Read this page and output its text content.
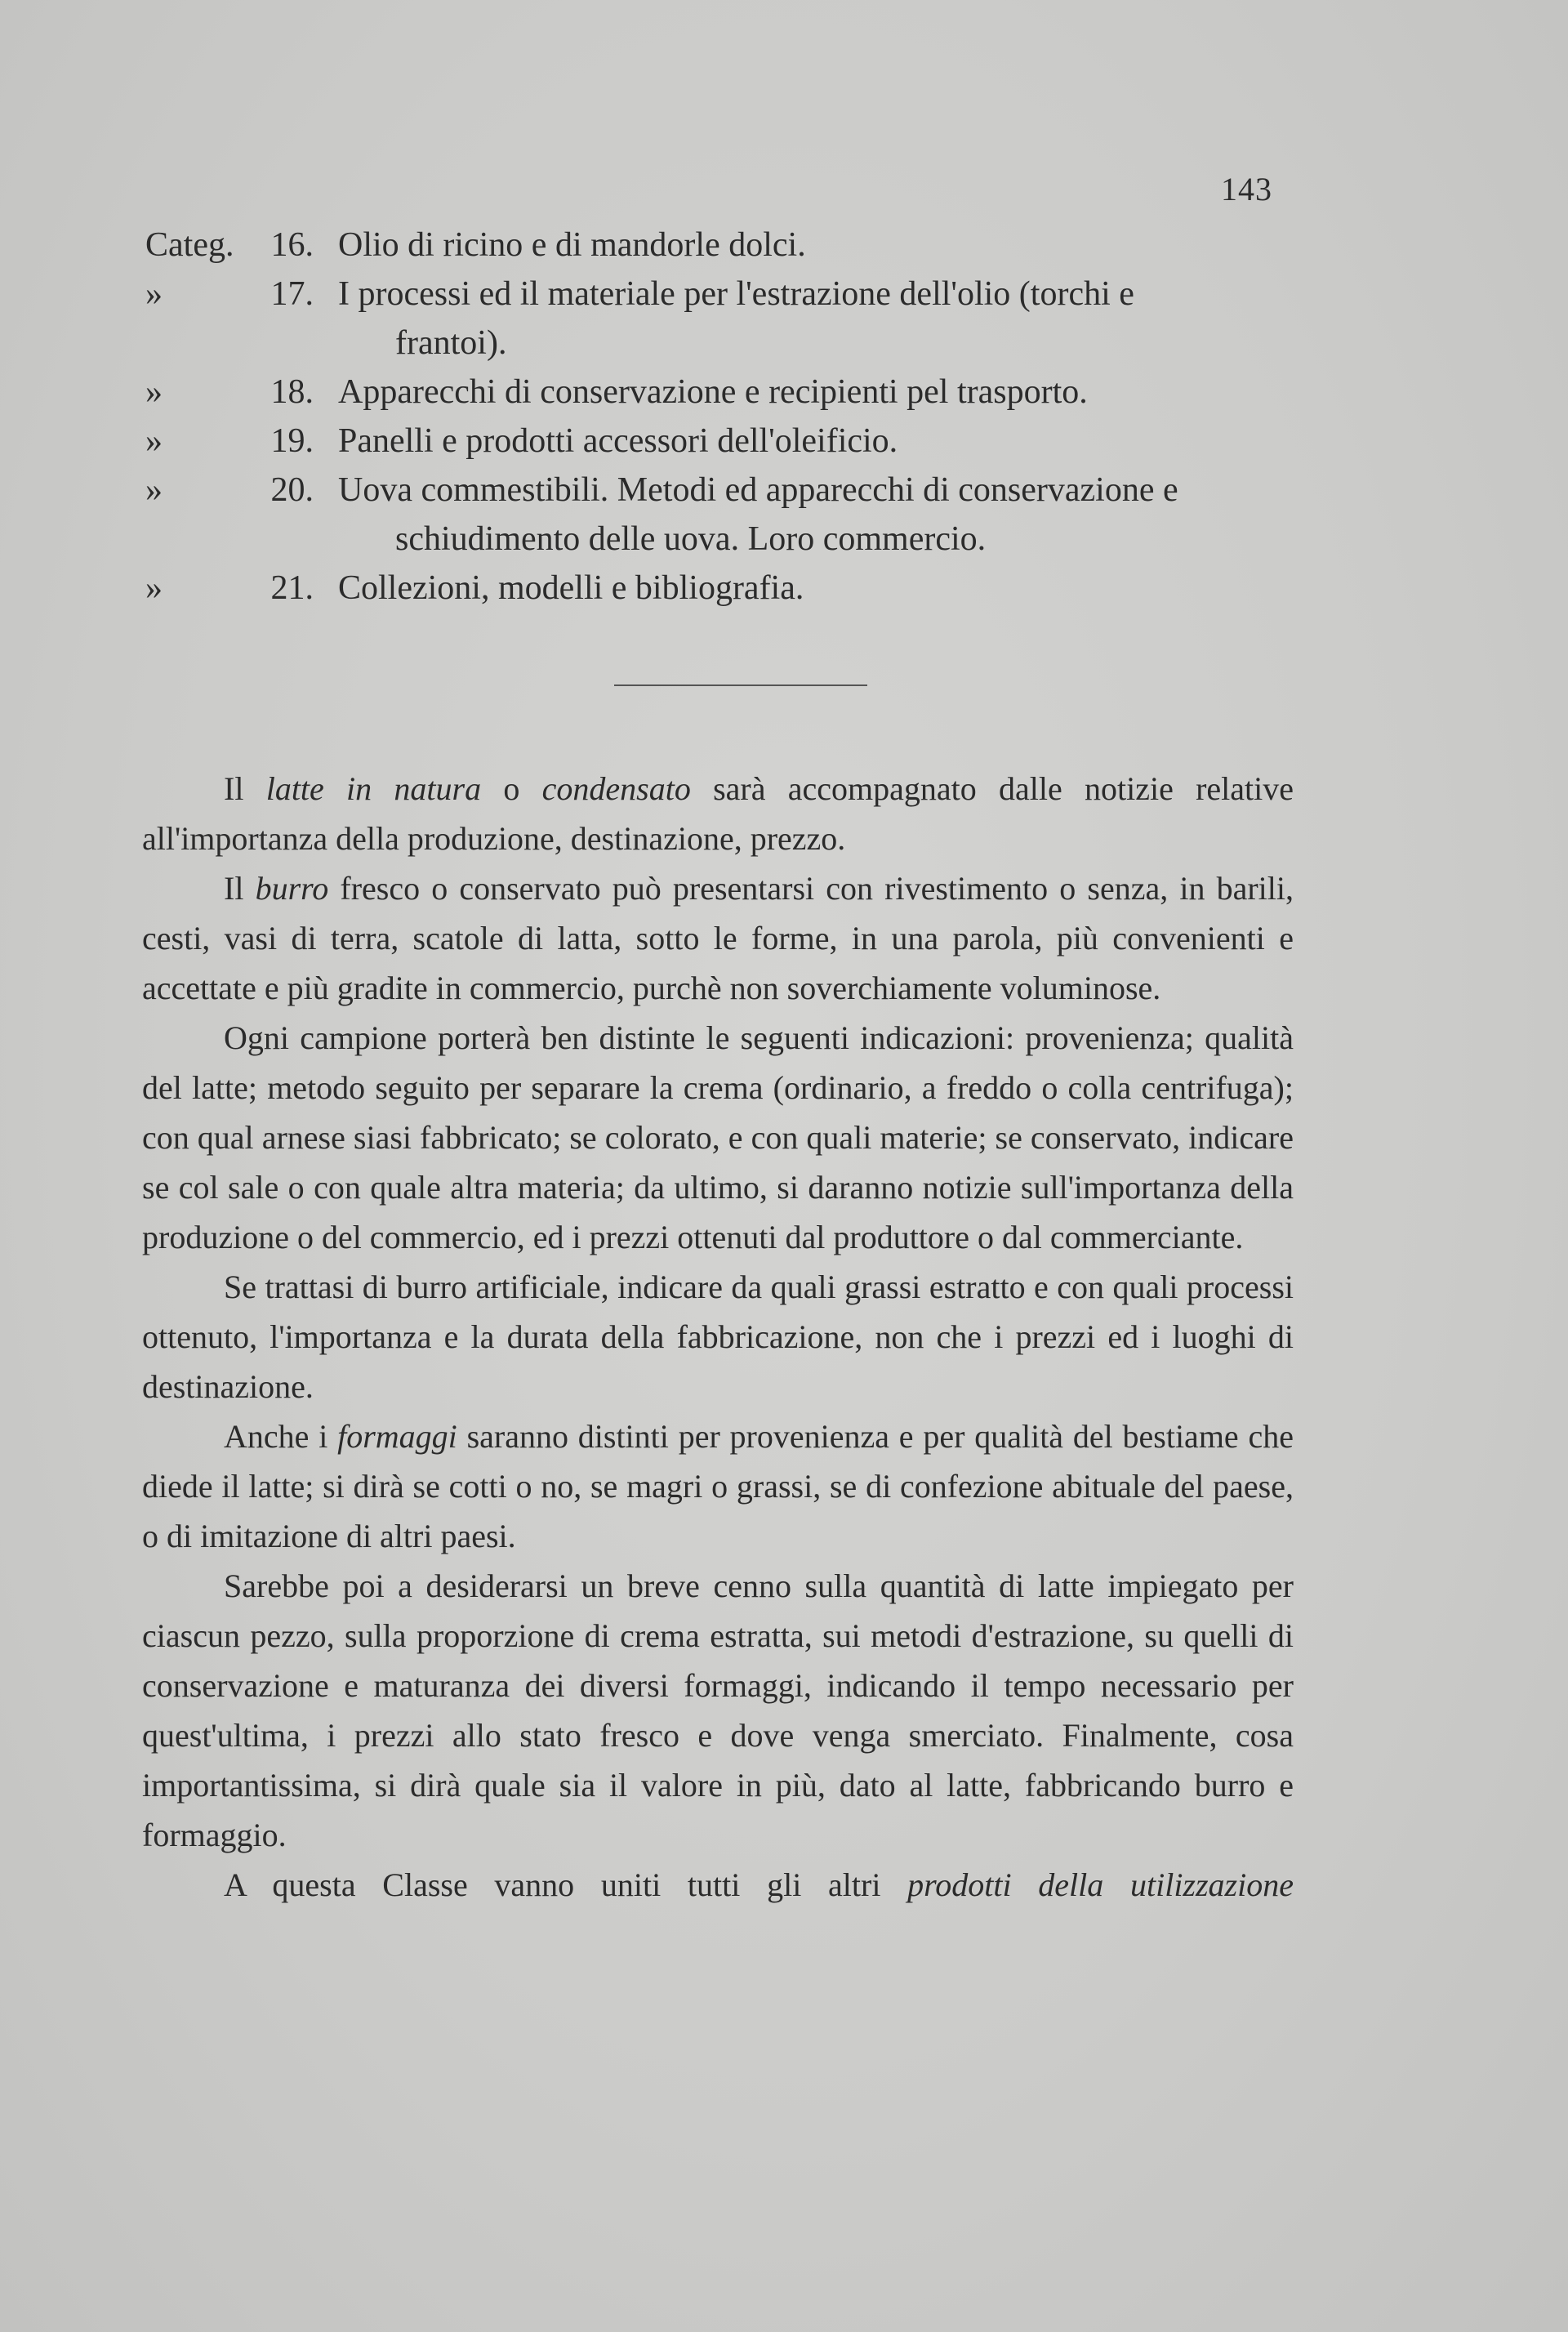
143
Categ.	16. Olio di ricino e di mandorle dolci.
»	17. I processi ed il materiale per l'estrazione dell'olio (torchi e
frantoi).
»	18. Apparecchi di conservazione e recipienti pel trasporto.
»	19. Panelli e prodotti accessori dell'oleificio.
»	20. Uova commestibili. Metodi ed apparecchi di conservazione e
schiudimento delle uova. Loro commercio.
»	21. Collezioni, modelli e bibliografia.

Il latte in natura o condensato sarà accompagnato dalle notizie relative all'importanza della produzione, destinazione, prezzo.

Il burro fresco o conservato può presentarsi con rivestimento o senza, in barili, cesti, vasi di terra, scatole di latta, sotto le forme, in una parola, più convenienti e accettate e più gradite in commercio, purchè non soverchiamente voluminose.

Ogni campione porterà ben distinte le seguenti indicazioni: provenienza; qualità del latte; metodo seguito per separare la crema (ordinario, a freddo o colla centrifuga); con qual arnese siasi fabbricato; se colorato, e con quali materie; se conservato, indicare se col sale o con quale altra materia; da ultimo, si daranno notizie sull'importanza della produzione o del commercio, ed i prezzi ottenuti dal produttore o dal commerciante.

Se trattasi di burro artificiale, indicare da quali grassi estratto e con quali processi ottenuto, l'importanza e la durata della fabbricazione, non che i prezzi ed i luoghi di destinazione.

Anche i formaggi saranno distinti per provenienza e per qualità del bestiame che diede il latte; si dirà se cotti o no, se magri o grassi, se di confezione abituale del paese, o di imitazione di altri paesi.

Sarebbe poi a desiderarsi un breve cenno sulla quantità di latte impiegato per ciascun pezzo, sulla proporzione di crema estratta, sui metodi d'estrazione, su quelli di conservazione e maturanza dei diversi formaggi, indicando il tempo necessario per quest'ultima, i prezzi allo stato fresco e dove venga smerciato. Finalmente, cosa importantissima, si dirà quale sia il valore in più, dato al latte, fabbricando burro e formaggio.

A questa Classe vanno uniti tutti gli altri prodotti della utilizzazione
